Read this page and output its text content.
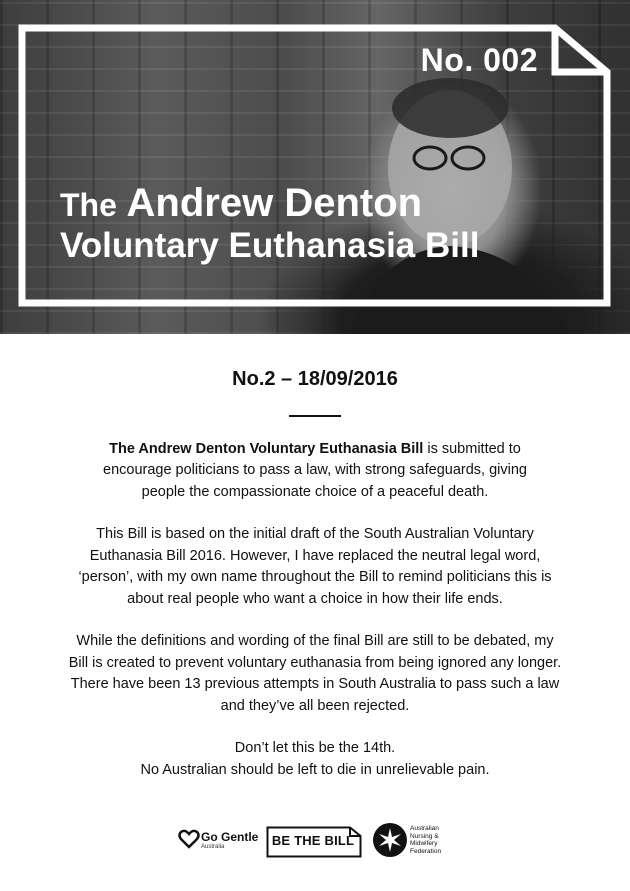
No. 002
The Andrew Denton
Voluntary Euthanasia Bill
No.2 – 18/09/2016

The Andrew Denton Voluntary Euthanasia Bill is submitted to encourage politicians to pass a law, with strong safeguards, giving people the compassionate choice of a peaceful death.

This Bill is based on the initial draft of the South Australian Voluntary Euthanasia Bill 2016. However, I have replaced the neutral legal word, ‘person’, with my own name throughout the Bill to remind politicians this is about real people who want a choice in how their life ends.

While the definitions and wording of the final Bill are still to be debated, my Bill is created to prevent voluntary euthanasia from being ignored any longer. There have been 13 previous attempts in South Australia to pass such a law and they’ve all been rejected.

Don’t let this be the 14th.
No Australian should be left to die in unrelievable pain.

Go Gentle
Australia	BE THE BILL
Australian
Nursing &
Midwifery
Federation
